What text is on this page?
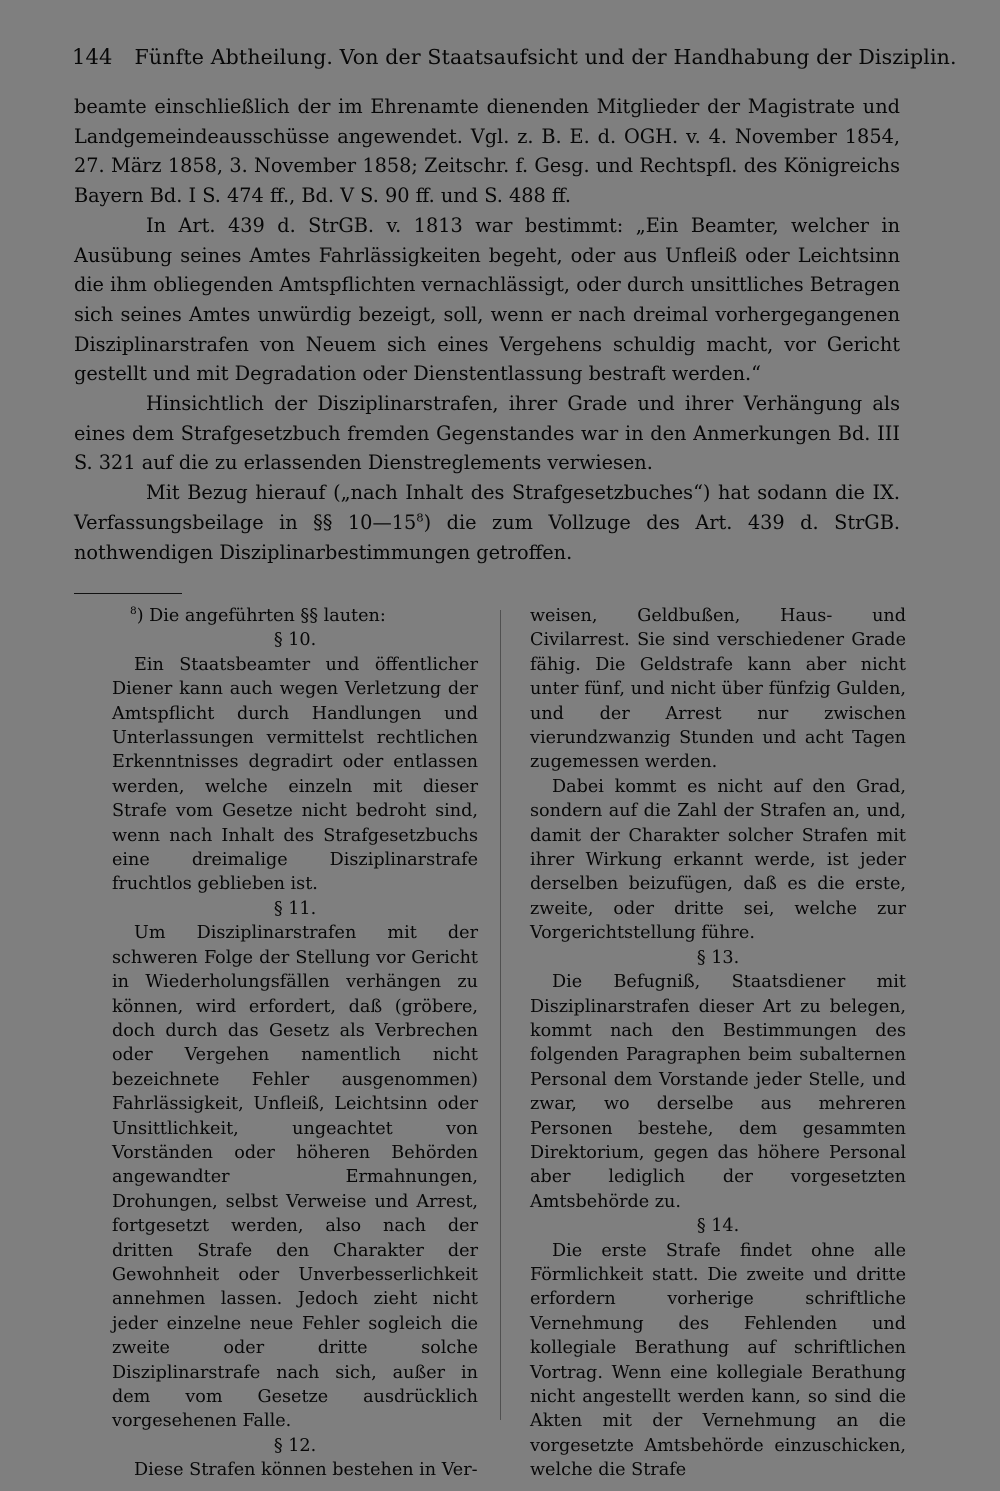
144 Fünfte Abtheilung. Von der Staatsaufsicht und der Handhabung der Disziplin.

beamte einschließlich der im Ehrenamte dienenden Mitglieder der Magistrate und Landgemeindeausschüsse angewendet. Vgl. z. B. E. d. OGH. v. 4. November 1854, 27. März 1858, 3. November 1858; Zeitschr. f. Gesg. und Rechtspfl. des Königreichs Bayern Bd. I S. 474 ff., Bd. V S. 90 ff. und S. 488 ff.

In Art. 439 d. StrGB. v. 1813 war bestimmt: „Ein Beamter, welcher in Ausübung seines Amtes Fahrlässigkeiten begeht, oder aus Unfleiß oder Leichtsinn die ihm obliegenden Amtspflichten vernachlässigt, oder durch unsittliches Betragen sich seines Amtes unwürdig bezeigt, soll, wenn er nach dreimal vorhergegangenen Disziplinarstrafen von Neuem sich eines Vergehens schuldig macht, vor Gericht gestellt und mit Degradation oder Dienstentlassung bestraft werden.“

Hinsichtlich der Disziplinarstrafen, ihrer Grade und ihrer Verhängung als eines dem Strafgesetzbuch fremden Gegenstandes war in den Anmerkungen Bd. III S. 321 auf die zu erlassenden Dienstreglements verwiesen.

Mit Bezug hierauf („nach Inhalt des Strafgesetzbuches“) hat sodann die IX. Verfassungsbeilage in §§ $10—15^8$) die zum Vollzuge des Art. 439 d. StrGB. nothwendigen Disziplinarbestimmungen getroffen.

$^8$) Die angeführten §§ lauten:

§ 10.

Ein Staatsbeamter und öffentlicher Diener kann auch wegen Verletzung der Amtspflicht durch Handlungen und Unterlassungen vermittelst rechtlichen Erkenntnisses degradirt oder entlassen werden, welche einzeln mit dieser Strafe vom Gesetze nicht bedroht sind, wenn nach Inhalt des Strafgesetzbuchs eine dreimalige Disziplinarstrafe fruchtlos geblieben ist.

§ 11.

Um Disziplinarstrafen mit der schweren Folge der Stellung vor Gericht in Wiederholungsfällen verhängen zu können, wird erfordert, daß (gröbere, doch durch das Gesetz als Verbrechen oder Vergehen namentlich nicht bezeichnete Fehler ausgenommen) Fahrlässigkeit, Unfleiß, Leichtsinn oder Unsittlichkeit, ungeachtet von Vorständen oder höheren Behörden angewandter Ermahnungen, Drohungen, selbst Verweise und Arrest, fortgesetzt werden, also nach der dritten Strafe den Charakter der Gewohnheit oder Unverbesserlichkeit annehmen lassen. Jedoch zieht nicht jeder einzelne neue Fehler sogleich die zweite oder dritte solche Disziplinarstrafe nach sich, außer in dem vom Gesetze ausdrücklich vorgesehenen Falle.

§ 12.

Diese Strafen können bestehen in Ver-

weisen, Geldbußen, Haus- und Civilarrest. Sie sind verschiedener Grade fähig. Die Geldstrafe kann aber nicht unter fünf, und nicht über fünfzig Gulden, und der Arrest nur zwischen vierundzwanzig Stunden und acht Tagen zugemessen werden.

Dabei kommt es nicht auf den Grad, sondern auf die Zahl der Strafen an, und, damit der Charakter solcher Strafen mit ihrer Wirkung erkannt werde, ist jeder derselben beizufügen, daß es die erste, zweite, oder dritte sei, welche zur Vorgerichtstellung führe.

§ 13.

Die Befugniß, Staatsdiener mit Disziplinarstrafen dieser Art zu belegen, kommt nach den Bestimmungen des folgenden Paragraphen beim subalternen Personal dem Vorstande jeder Stelle, und zwar, wo derselbe aus mehreren Personen bestehe, dem gesammten Direktorium, gegen das höhere Personal aber lediglich der vorgesetzten Amtsbehörde zu.

§ 14.

Die erste Strafe findet ohne alle Förmlichkeit statt. Die zweite und dritte erfordern vorherige schriftliche Vernehmung des Fehlenden und kollegiale Berathung auf schriftlichen Vortrag. Wenn eine kollegiale Berathung nicht angestellt werden kann, so sind die Akten mit der Vernehmung an die vorgesetzte Amtsbehörde einzuschicken, welche die Strafe
